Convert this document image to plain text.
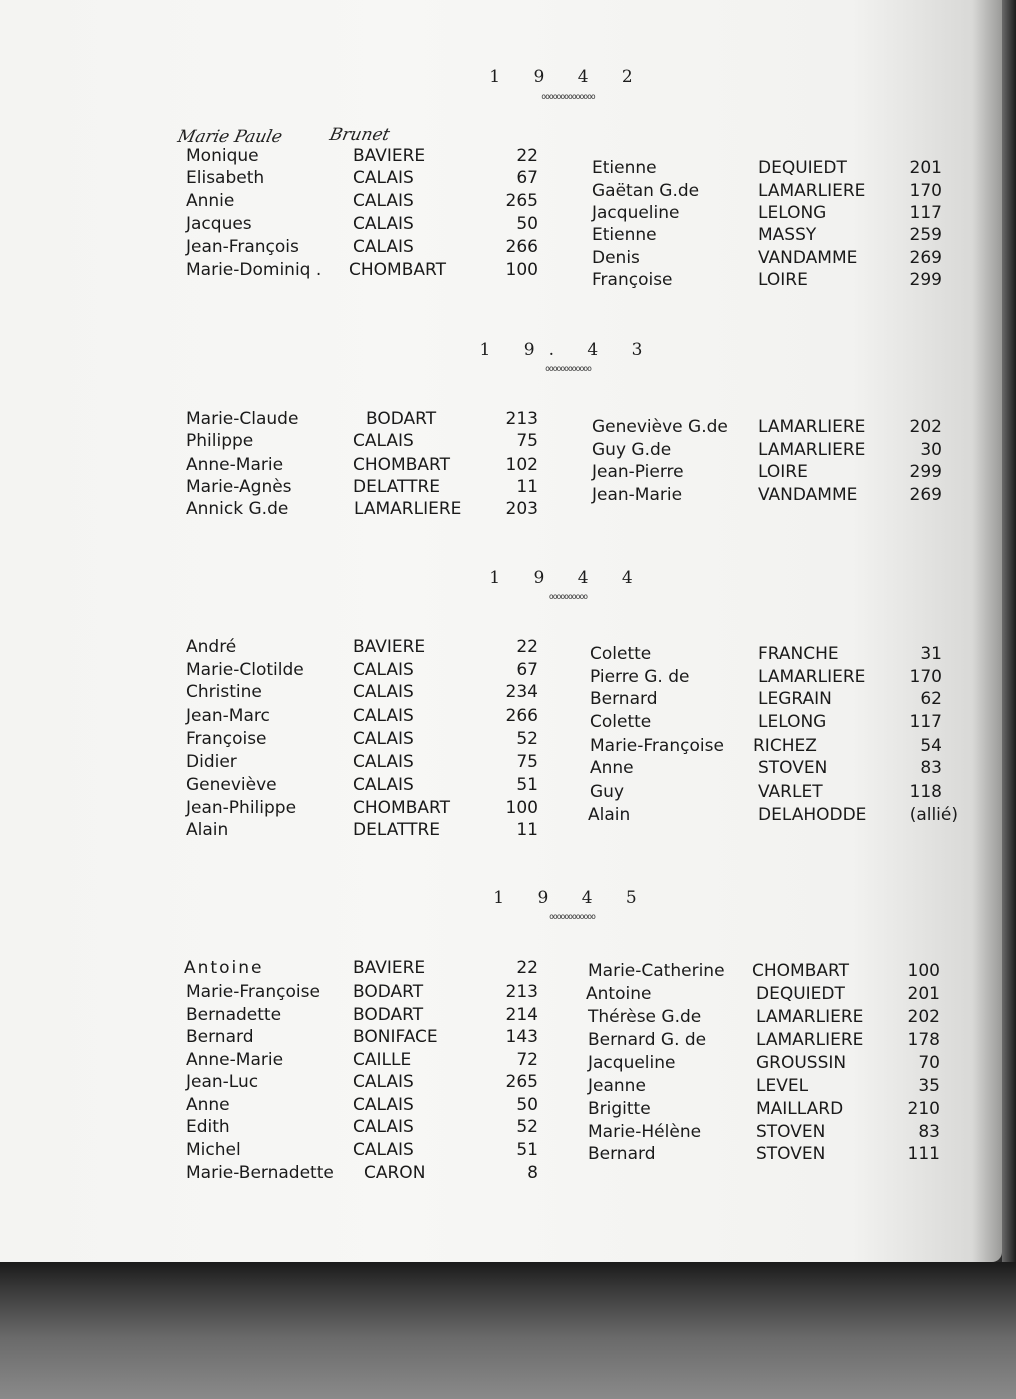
Marie Paule	Brunet
1 9 4 2
oooooooooooooo
Monique	BAVIERE	22
Elisabeth	CALAIS	67
Annie	CALAIS	265
Jacques	CALAIS	50
Jean-François	CALAIS	266
Marie-Dominiq . CHOMBART	100
Etienne	DEQUIEDT	201
Gaëtan G.de	LAMARLIERE	170
Jacqueline	LELONG	117
Etienne	MASSY	259
Denis	VANDAMME	269
Françoise	LOIRE	299
1 9. 4 3
oooooooooooo
Marie-Claude	BODART	213
Philippe	CALAIS	75
Anne-Marie	CHOMBART	102
Marie-Agnès	DELATTRE	11
Annick G.de	LAMARLIERE	203
Geneviève G.de LAMARLIERE	202
Guy G.de	LAMARLIERE	30
Jean-Pierre	LOIRE	299
Jean-Marie	VANDAMME	269
1 9 4 4
oooooooooo
André	BAVIERE	22
Marie-Clotilde	CALAIS	67
Christine	CALAIS	234
Jean-Marc	CALAIS	266
Françoise	CALAIS	52
Didier	CALAIS	75
Geneviève	CALAIS	51
Jean-Philippe	CHOMBART	100
Alain	DELATTRE	11
Colette	FRANCHE	31
Pierre G. de	LAMARLIERE	170
Bernard	LEGRAIN	62
Colette	LELONG	117
Marie-Françoise RICHEZ	54
Anne	STOVEN	83
Guy	VARLET	118
Alain	DELAHODDE	(allié)
1 9 4 5
oooooooooooo
Antoine	BAVIERE	22
Marie-Françoise BODART	213
Bernadette	BODART	214
Bernard	BONIFACE	143
Anne-Marie	CAILLE	72
Jean-Luc	CALAIS	265
Anne	CALAIS	50
Edith	CALAIS	52
Michel	CALAIS	51
Marie-Bernadette CARON	8
Marie-Catherine CHOMBART	100
Antoine	DEQUIEDT	201
Thérèse G.de	LAMARLIERE	202
Bernard G. de	LAMARLIERE	178
Jacqueline	GROUSSIN	70
Jeanne	LEVEL	35
Brigitte	MAILLARD	210
Marie-Hélène	STOVEN	83
Bernard	STOVEN	111
